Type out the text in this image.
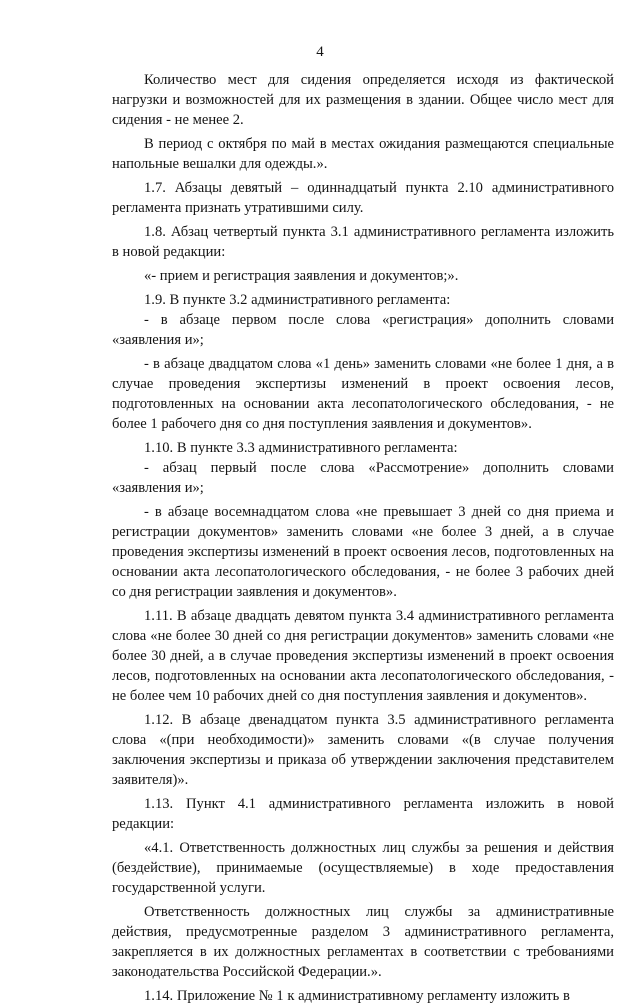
4

Количество мест для сидения определяется исходя из фактической нагрузки и возможностей для их размещения в здании. Общее число мест для сидения - не менее 2.

В период с октября по май в местах ожидания размещаются специальные напольные вешалки для одежды.».

1.7. Абзацы девятый – одиннадцатый пункта 2.10 административного регламента признать утратившими силу.

1.8. Абзац четвертый пункта 3.1 административного регламента изложить в новой редакции:

«- прием и регистрация заявления и документов;».

1.9. В пункте 3.2 административного регламента:

- в абзаце первом после слова «регистрация» дополнить словами «заявления и»;

- в абзаце двадцатом слова «1 день» заменить словами «не более 1 дня, а в случае проведения экспертизы изменений в проект освоения лесов, подготовленных на основании акта лесопатологического обследования, - не более 1 рабочего дня со дня поступления заявления и документов».

1.10. В пункте 3.3 административного регламента:

- абзац первый после слова «Рассмотрение» дополнить словами «заявления и»;

- в абзаце восемнадцатом слова «не превышает 3 дней со дня приема и регистрации документов» заменить словами «не более 3 дней, а в случае проведения экспертизы изменений в проект освоения лесов, подготовленных на основании акта лесопатологического обследования, - не более 3 рабочих дней со дня регистрации заявления и документов».

1.11. В абзаце двадцать девятом пункта 3.4 административного регламента слова «не более 30 дней со дня регистрации документов» заменить словами «не более 30 дней, а в случае проведения экспертизы изменений в проект освоения лесов, подготовленных на основании акта лесопатологического обследования, - не более чем 10 рабочих дней со дня поступления заявления и документов».

1.12. В абзаце двенадцатом пункта 3.5 административного регламента слова «(при необходимости)» заменить словами «(в случае получения заключения экспертизы и приказа об утверждении заключения представителем заявителя)».

1.13. Пункт 4.1 административного регламента изложить в новой редакции:

«4.1. Ответственность должностных лиц службы за решения и действия (бездействие), принимаемые (осуществляемые) в ходе предоставления государственной услуги.

Ответственность должностных лиц службы за административные действия, предусмотренные разделом 3 административного регламента, закрепляется в их должностных регламентах в соответствии с требованиями законодательства Российской Федерации.».

1.14. Приложение № 1 к административному регламенту изложить в
